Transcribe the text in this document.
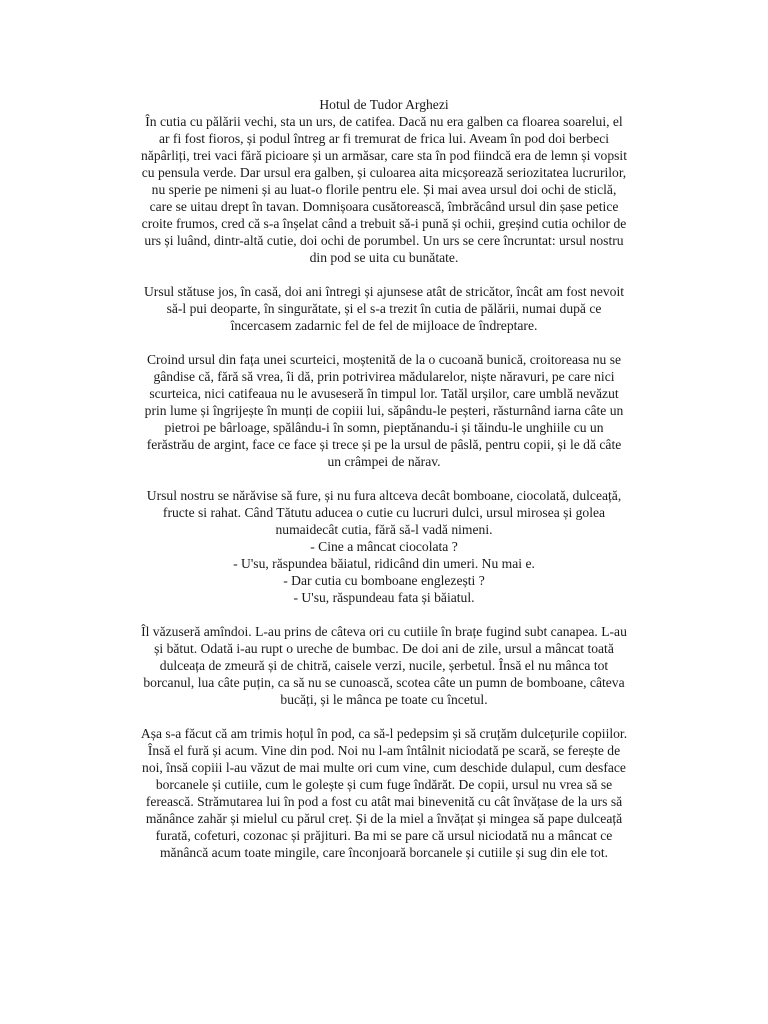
Hotul de Tudor Arghezi
În cutia cu pălării vechi, sta un urs, de catifea. Dacă nu era galben ca floarea soarelui, el
ar fi fost fioros, și podul întreg ar fi tremurat de frica lui. Aveam în pod doi berbeci
năpârliți, trei vaci fără picioare și un armăsar, care sta în pod fiindcă era de lemn și vopsit
cu pensula verde. Dar ursul era galben, și culoarea aita micșorează seriozitatea lucrurilor,
nu sperie pe nimeni și au luat-o florile pentru ele. Și mai avea ursul doi ochi de sticlă,
care se uitau drept în tavan. Domnișoara cusătorească, îmbrăcând ursul din șase petice
croite frumos, cred că s-a înșelat când a trebuit să-i pună și ochii, greșind cutia ochilor de
urs și luând, dintr-altă cutie, doi ochi de porumbel. Un urs se cere încruntat: ursul nostru
din pod se uita cu bunătate.
Ursul stătuse jos, în casă, doi ani întregi și ajunsese atât de stricător, încât am fost nevoit
să-l pui deoparte, în singurătate, și el s-a trezit în cutia de pălării, numai după ce
încercasem zadarnic fel de fel de mijloace de îndreptare.
Croind ursul din fața unei scurteici, moștenită de la o cucoană bunică, croitoreasa nu se
gândise că, fără să vrea, îi dă, prin potrivirea mădularelor, niște năravuri, pe care nici
scurteica, nici catifeaua nu le avuseseră în timpul lor. Tatăl urșilor, care umblă nevăzut
prin lume și îngrijește în munți de copiii lui, săpându-le peșteri, răsturnând iarna câte un
pietroi pe bârloage, spălându-i în somn, pieptănandu-i și tăindu-le unghiile cu un
ferăstrău de argint, face ce face și trece și pe la ursul de pâslă, pentru copii, și le dă câte
un crâmpei de nărav.
Ursul nostru se nărăvise să fure, și nu fura altceva decât bomboane, ciocolată, dulceață,
fructe si rahat. Când Tătutu aducea o cutie cu lucruri dulci, ursul mirosea și golea
numaidecât cutia, fără să-l vadă nimeni.
- Cine a mâncat ciocolata ?
- U'su, răspundea băiatul, ridicând din umeri. Nu mai e.
- Dar cutia cu bomboane englezești ?
- U'su, răspundeau fata și băiatul.
Îl văzuseră amîndoi. L-au prins de câteva ori cu cutiile în brațe fugind subt canapea. L-au
și bătut. Odată i-au rupt o ureche de bumbac. De doi ani de zile, ursul a mâncat toată
dulceața de zmeură și de chitră, caisele verzi, nucile, șerbetul. Însă el nu mânca tot
borcanul, lua câte puțin, ca să nu se cunoască, scotea câte un pumn de bomboane, câteva
bucăți, și le mânca pe toate cu încetul.
Așa s-a făcut că am trimis hoțul în pod, ca să-l pedepsim și să cruțăm dulcețurile copiilor.
Însă el fură și acum. Vine din pod. Noi nu l-am întâlnit niciodată pe scară, se ferește de
noi, însă copiii l-au văzut de mai multe ori cum vine, cum deschide dulapul, cum desface
borcanele și cutiile, cum le golește și cum fuge îndărăt. De copii, ursul nu vrea să se
ferească. Strămutarea lui în pod a fost cu atât mai binevenită cu cât învățase de la urs să
mănânce zahăr și mielul cu părul creț. Și de la miel a învățat și mingea să pape dulceață
furată, cofeturi, cozonac și prăjituri. Ba mi se pare că ursul niciodată nu a mâncat ce
mănâncă acum toate mingile, care înconjoară borcanele și cutiile și sug din ele tot.
